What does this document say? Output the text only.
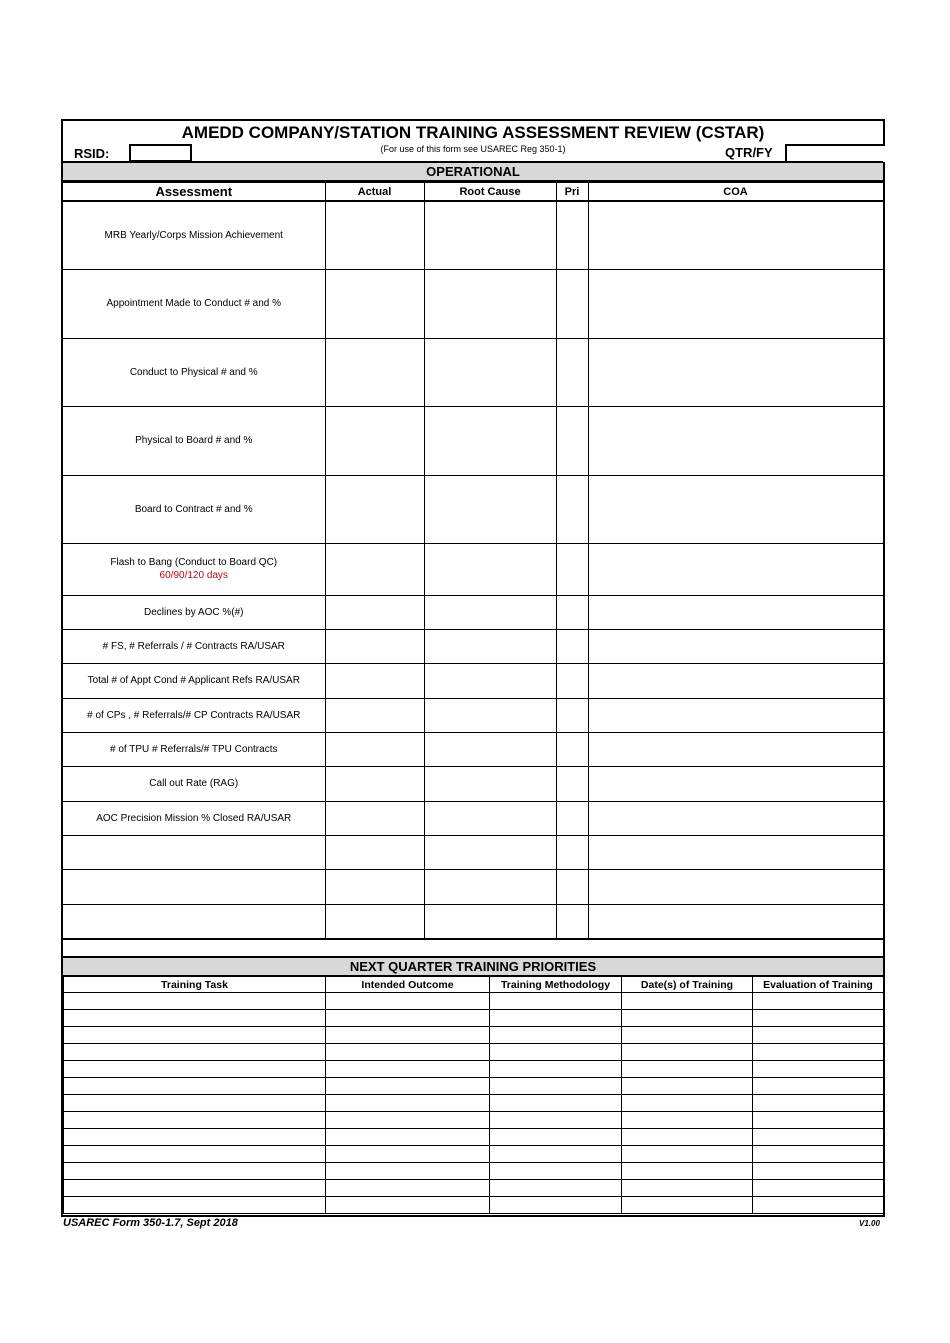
AMEDD COMPANY/STATION TRAINING ASSESSMENT REVIEW (CSTAR)
(For use of this form see USAREC Reg 350-1)
RSID:	QTR/FY
OPERATIONAL
Assessment	Actual	Root Cause	Pri	COA
MRB Yearly/Corps Mission Achievement				
Appointment Made to Conduct # and %				
Conduct to Physical # and %				
Physical to Board # and %				
Board to Contract # and %				
Flash to Bang (Conduct to Board QC)
60/90/120 days				

Declines by AOC %(#)				
# FS, # Referrals / # Contracts RA/USAR				
Total # of Appt Cond # Applicant Refs RA/USAR				
# of CPs , # Referrals/# CP Contracts RA/USAR				
# of TPU # Referrals/# TPU Contracts				
Call out Rate (RAG)				
AOC Precision Mission % Closed RA/USAR				

NEXT QUARTER TRAINING PRIORITIES
Training Task	Intended Outcome	Training Methodology	Date(s) of Training	Evaluation of Training

USAREC Form 350-1.7, Sept 2018	V1.00
